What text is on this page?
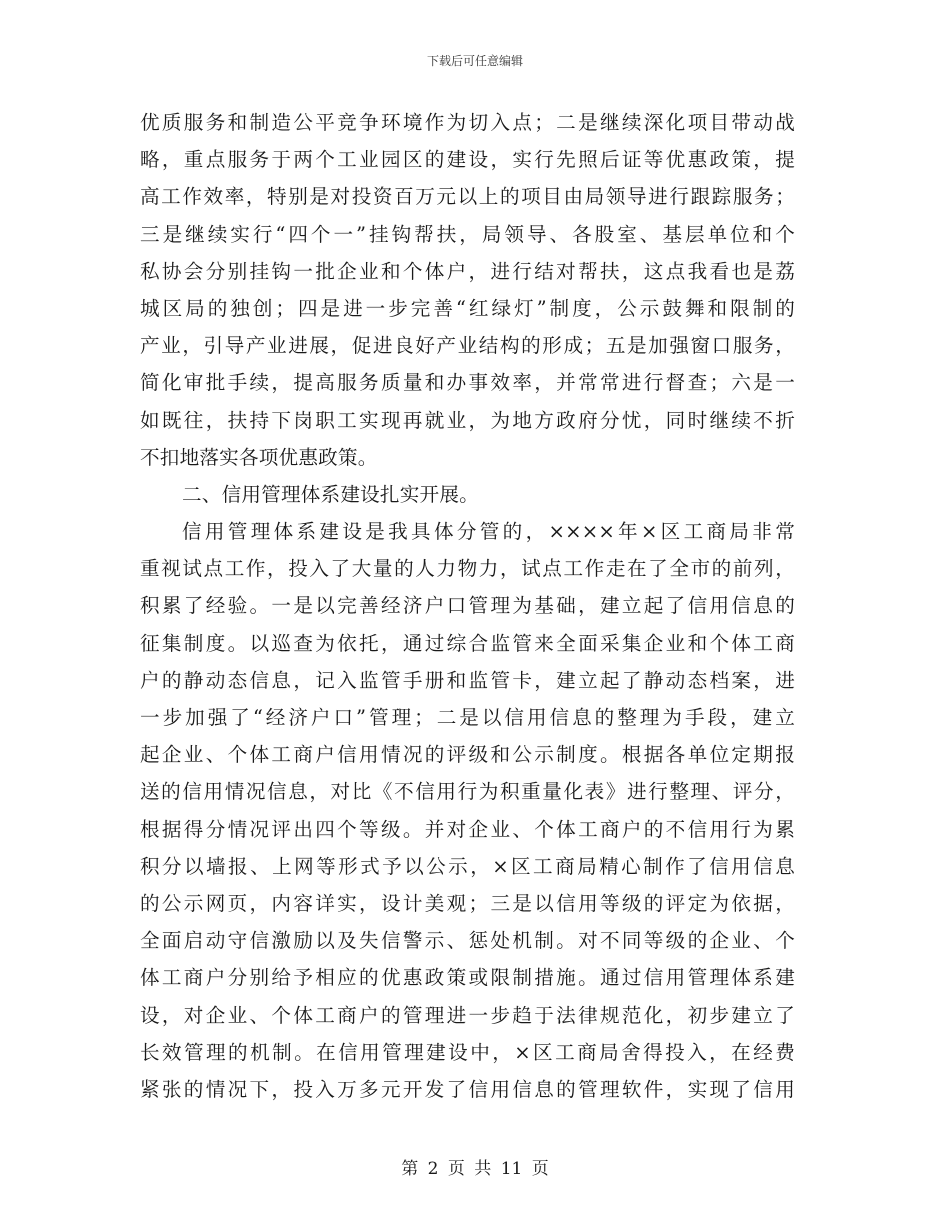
下载后可任意编辑
优质服务和制造公平竞争环境作为切入点；二是继续深化项目带动战
略，重点服务于两个工业园区的建设，实行先照后证等优惠政策，提
高工作效率，特别是对投资百万元以上的项目由局领导进行跟踪服务；
三是继续实行“四个一”挂钩帮扶，局领导、各股室、基层单位和个
私协会分别挂钩一批企业和个体户，进行结对帮扶，这点我看也是荔
城区局的独创；四是进一步完善“红绿灯”制度，公示鼓舞和限制的
产业，引导产业进展，促进良好产业结构的形成；五是加强窗口服务，
简化审批手续，提高服务质量和办事效率，并常常进行督查；六是一
如既往，扶持下岗职工实现再就业，为地方政府分忧，同时继续不折
不扣地落实各项优惠政策。
二、信用管理体系建设扎实开展。
信用管理体系建设是我具体分管的，××××年×区工商局非常
重视试点工作，投入了大量的人力物力，试点工作走在了全市的前列，
积累了经验。一是以完善经济户口管理为基础，建立起了信用信息的
征集制度。以巡查为依托，通过综合监管来全面采集企业和个体工商
户的静动态信息，记入监管手册和监管卡，建立起了静动态档案，进
一步加强了“经济户口”管理；二是以信用信息的整理为手段，建立
起企业、个体工商户信用情况的评级和公示制度。根据各单位定期报
送的信用情况信息，对比《不信用行为积重量化表》进行整理、评分，
根据得分情况评出四个等级。并对企业、个体工商户的不信用行为累
积分以墙报、上网等形式予以公示，×区工商局精心制作了信用信息
的公示网页，内容详实，设计美观；三是以信用等级的评定为依据，
全面启动守信激励以及失信警示、惩处机制。对不同等级的企业、个
体工商户分别给予相应的优惠政策或限制措施。通过信用管理体系建
设，对企业、个体工商户的管理进一步趋于法律规范化，初步建立了
长效管理的机制。在信用管理建设中，×区工商局舍得投入，在经费
紧张的情况下，投入万多元开发了信用信息的管理软件，实现了信用
第 2 页 共 11 页
